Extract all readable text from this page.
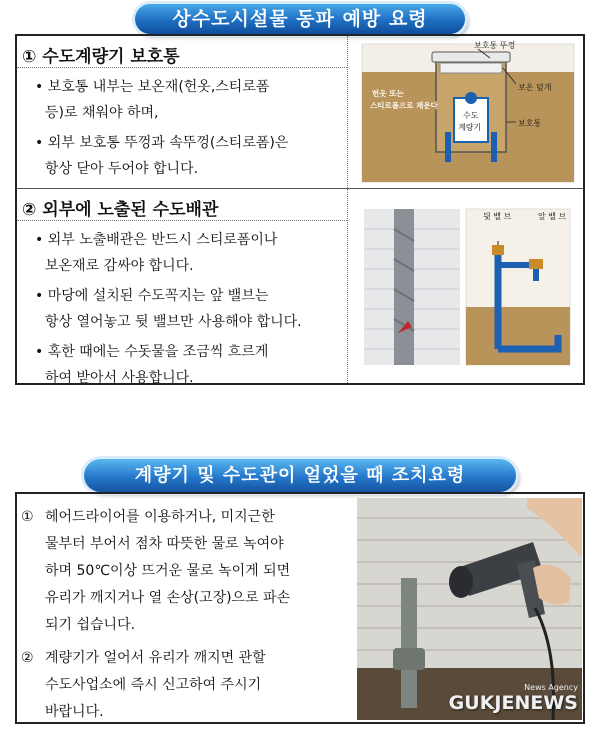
상수도시설물 동파 예방 요령
① 수도계량기 보호통
• 보호통 내부는 보온재(헌옷,스티로폼
등)로 채워야 하며,
• 외부 보호통 뚜껑과 속뚜껑(스티로폼)은
항상 닫아 두어야 합니다.
보호통 뚜껑
보온 덮개
보호통
헌옷 또는
스티로폼으로 채운다
수도
계량기
② 외부에 노출된 수도배관
• 외부 노출배관은 반드시 스티로폼이나
보온재로 감싸야 합니다.
• 마당에 설치된 수도꼭지는 앞 밸브는
항상 열어놓고 뒷 밸브만 사용해야 합니다.
• 혹한 때에는 수돗물을 조금씩 흐르게
하여 받아서 사용합니다.
뒷 밸 브	앞 밸 브
계량기 및 수도관이 얼었을 때 조치요령
① 헤어드라이어를 이용하거나, 미지근한
물부터 부어서 점차 따뜻한 물로 녹여야
하며 50℃이상 뜨거운 물로 녹이게 되면
유리가 깨지거나 열 손상(고장)으로 파손
되기 쉽습니다.
② 계량기가 얼어서 유리가 깨지면 관할
수도사업소에 즉시 신고하여 주시기
바랍니다.
News Agency
GUKJENEWS
